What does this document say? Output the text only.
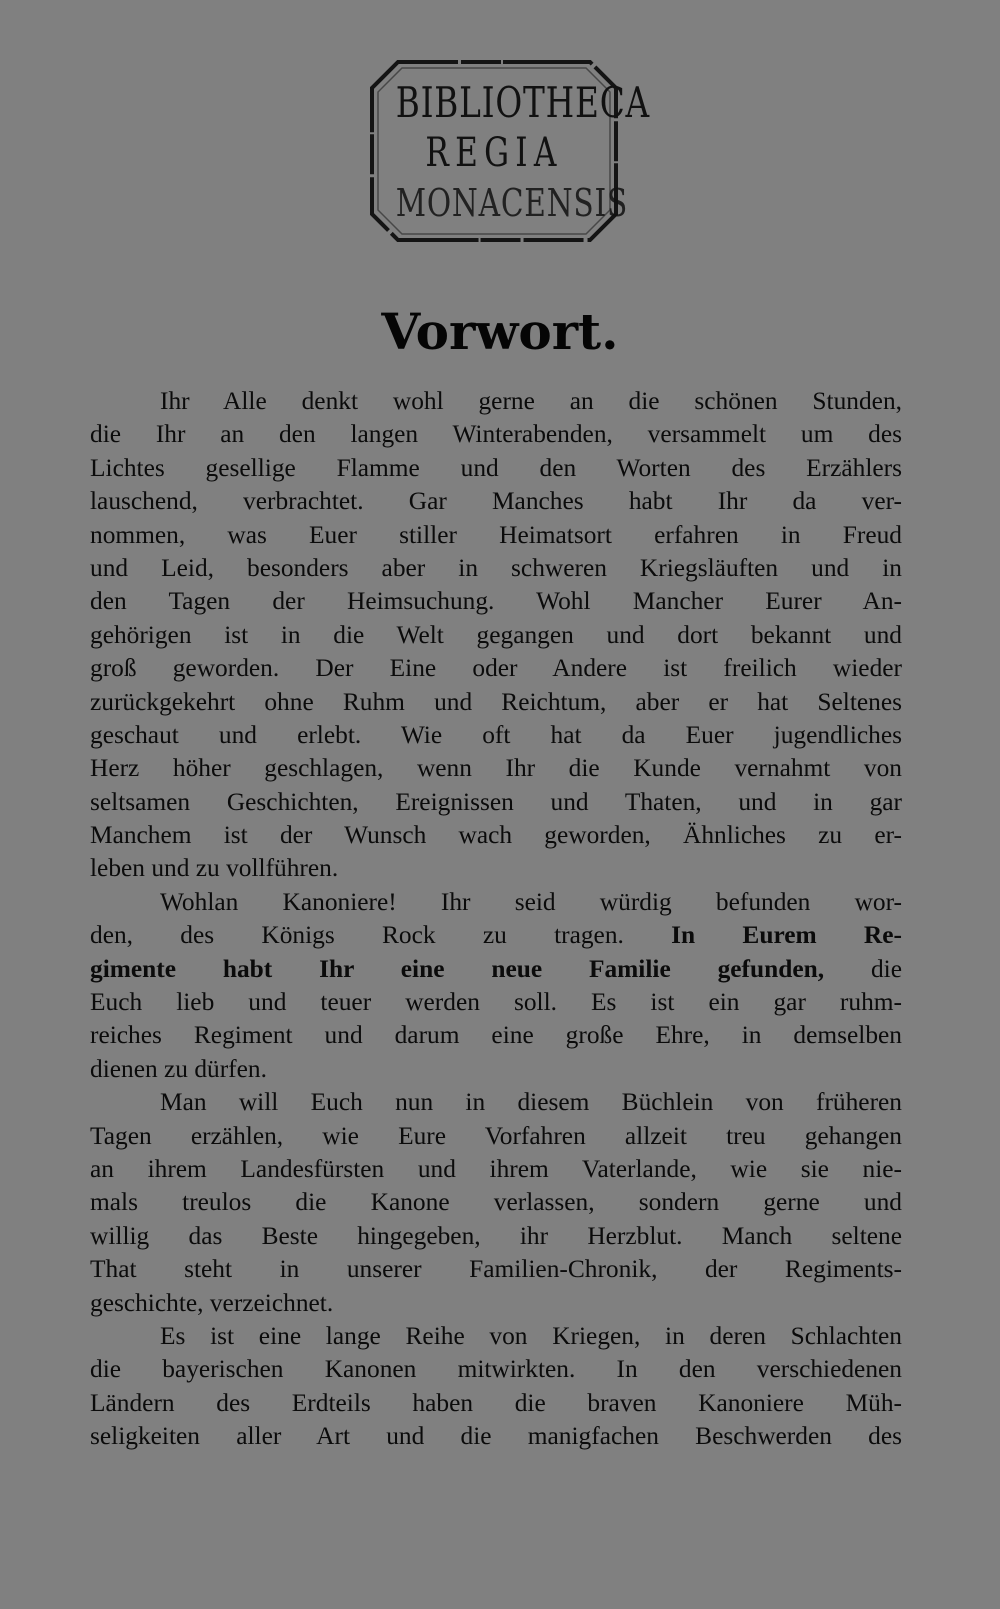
BIBLIOTHECA
REGIA
MONACENSIS
Vorwort.
Ihr Alle denkt wohl gerne an die schönen Stunden,
die Ihr an den langen Winterabenden, versammelt um des
Lichtes gesellige Flamme und den Worten des Erzählers
lauschend, verbrachtet. Gar Manches habt Ihr da ver-
nommen, was Euer stiller Heimatsort erfahren in Freud
und Leid, besonders aber in schweren Kriegsläuften und in
den Tagen der Heimsuchung. Wohl Mancher Eurer An-
gehörigen ist in die Welt gegangen und dort bekannt und
groß geworden. Der Eine oder Andere ist freilich wieder
zurückgekehrt ohne Ruhm und Reichtum, aber er hat Seltenes
geschaut und erlebt. Wie oft hat da Euer jugendliches
Herz höher geschlagen, wenn Ihr die Kunde vernahmt von
seltsamen Geschichten, Ereignissen und Thaten, und in gar
Manchem ist der Wunsch wach geworden, Ähnliches zu er-
leben und zu vollführen.
Wohlan Kanoniere! Ihr seid würdig befunden wor-
den, des Königs Rock zu tragen. In Eurem Re-
gimente habt Ihr eine neue Familie gefunden, die
Euch lieb und teuer werden soll. Es ist ein gar ruhm-
reiches Regiment und darum eine große Ehre, in demselben
dienen zu dürfen.
Man will Euch nun in diesem Büchlein von früheren
Tagen erzählen, wie Eure Vorfahren allzeit treu gehangen
an ihrem Landesfürsten und ihrem Vaterlande, wie sie nie-
mals treulos die Kanone verlassen, sondern gerne und
willig das Beste hingegeben, ihr Herzblut. Manch seltene
That steht in unserer Familien-Chronik, der Regiments-
geschichte, verzeichnet.
Es ist eine lange Reihe von Kriegen, in deren Schlachten
die bayerischen Kanonen mitwirkten. In den verschiedenen
Ländern des Erdteils haben die braven Kanoniere Müh-
seligkeiten aller Art und die manigfachen Beschwerden des
